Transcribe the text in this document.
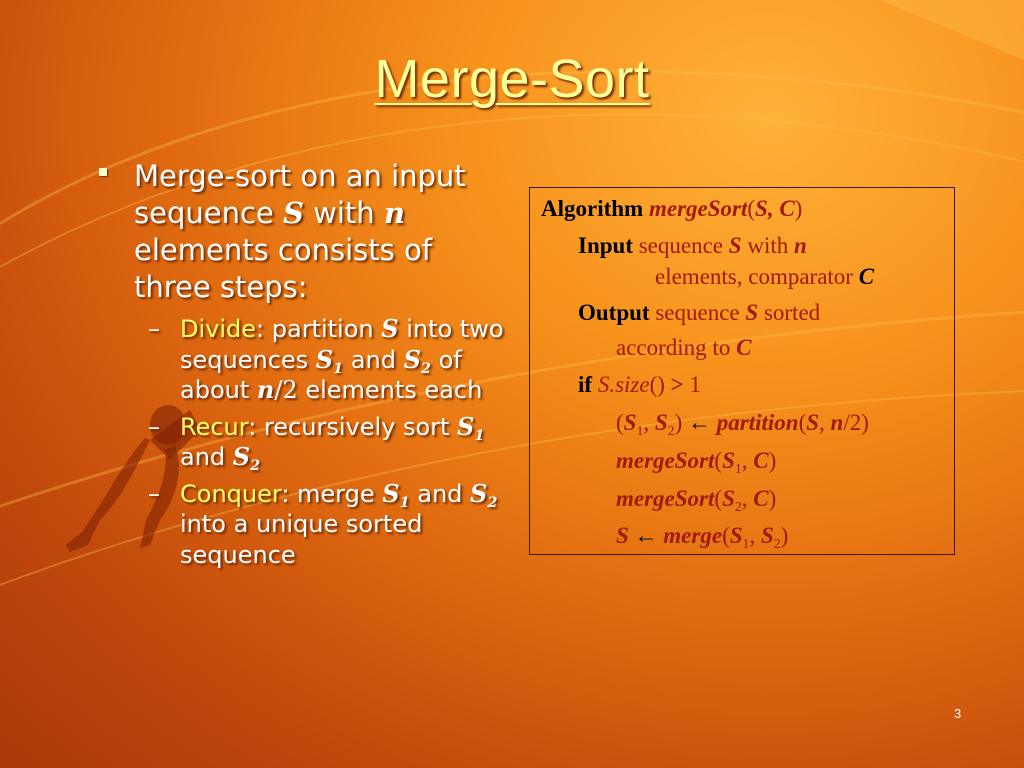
Merge-Sort
Merge-sort on an input sequence S with n elements consists of three steps:
– Divide: partition S into two sequences $S_1$ and $S_2$ of about n/2 elements each
– Recur: recursively sort $S_1$ and $S_2$
– Conquer: merge $S_1$ and $S_2$ into a unique sorted sequence
Algorithm mergeSort(S, C)
Input sequence S with n
elements, comparator C
Output sequence S sorted
according to C
if S.size() > 1
($S_1$, $S_2$) ← partition(S, n/2)
$mergeSort(S_1$, C)
$mergeSort(S_2$, C)
S ← $merge(S_1$, $S_2$)
3
